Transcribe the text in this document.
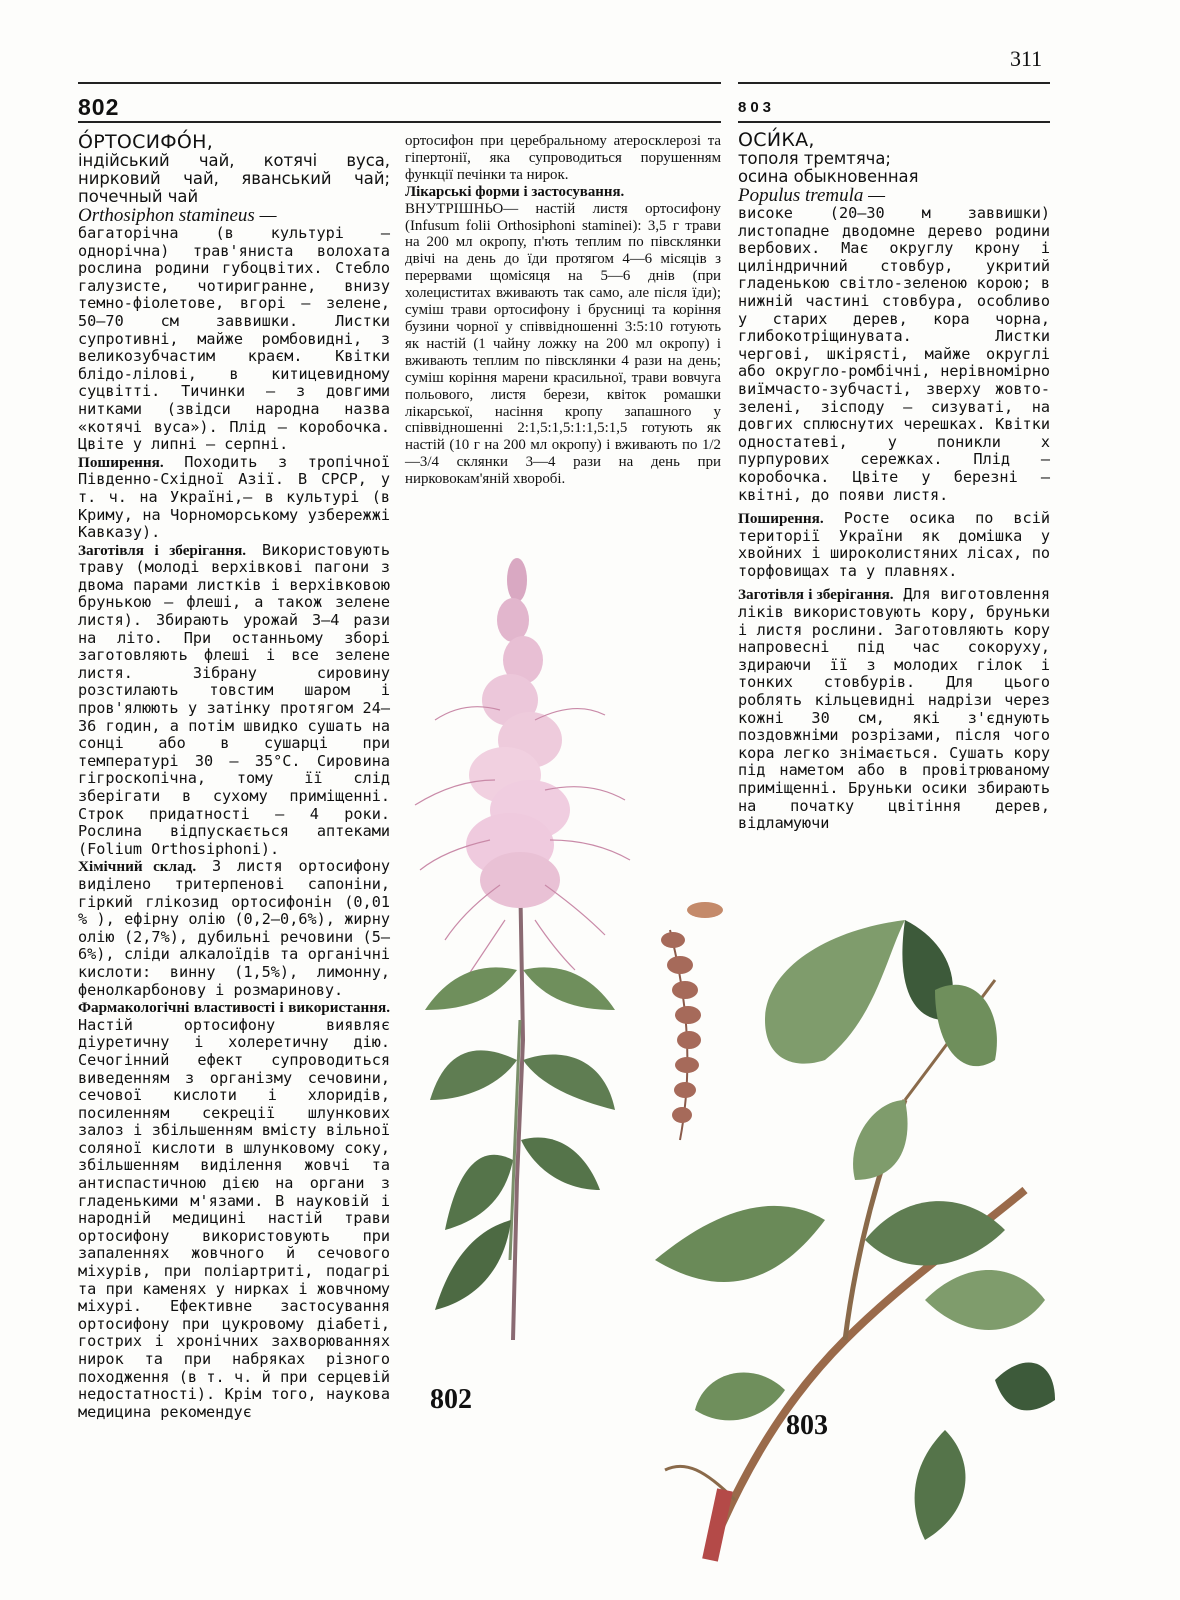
311
802	803
О́РТОСИФО́Н,
індійський чай, котячі вуса, нирковий чай, яванський чай; почечный чай
Orthosiphon stamineus —

багаторічна (в культурі — однорічна) трав'яниста волохата рослина родини губоцвітих. Стебло галузисте, чотиригранне, внизу темно-фіолетове, вгорі — зелене, 50—70 см заввишки. Листки супротивні, майже ромбовидні, з великозубчастим краєм. Квітки блідо-лілові, в китицевидному суцвітті. Тичинки — з довгими нитками (звідси народна назва «котячі вуса»). Плід — коробочка. Цвіте у липні — серпні.

Поширення. Походить з тропічної Південно-Східної Азії. В СРСР, у т. ч. на Україні,— в культурі (в Криму, на Чорноморському узбережжі Кавказу).

Заготівля і зберігання. Використовують траву (молоді верхівкові пагони з двома парами листків і верхівковою брунькою — флеші, а також зелене листя). Збирають урожай 3—4 рази на літо. При останньому зборі заготовляють флеші і все зелене листя. Зібрану сировину розстилають товстим шаром і пров'ялюють у затінку протягом 24—36 годин, а потім швидко сушать на сонці або в сушарці при температурі 30 — 35°С. Сировина гігроскопічна, тому її слід зберігати в сухому приміщенні. Строк придатності — 4 роки. Рослина відпускається аптеками (Folium Orthosiphoni).

Хімічний склад. З листя ортосифону виділено тритерпенові сапоніни, гіркий глікозид ортосифонін (0,01 % ), ефірну олію (0,2—0,6%), жирну олію (2,7%), дубильні речовини (5—6%), сліди алкалоїдів та органічні кислоти: винну (1,5%), лимонну, фенолкарбонову і розмаринову.

Фармакологічні властивості і використання. Настій ортосифону виявляє діуретичну і холеретичну дію. Сечогінний ефект супроводиться виведенням з організму сечовини, сечової кислоти і хлоридів, посиленням секреції шлункових залоз і збільшенням вмісту вільної соляної кислоти в шлунковому соку, збільшенням виділення жовчі та антиспастичною дією на органи з гладенькими м'язами. В науковій і народній медицині настій трави ортосифону використовують при запаленнях жовчного й сечового міхурів, при поліартриті, подагрі та при каменях у нирках і жовчному міхурі. Ефективне застосування ортосифону при цукровому діабеті, гострих і хронічних захворюваннях нирок та при набряках різного походження (в т. ч. й при серцевій недостатності). Крім того, наукова медицина рекомендує

ортосифон при церебральному атеросклерозі та гіпертонії, яка супроводиться порушенням функції печінки та нирок.

Лікарські форми і застосування.

ВНУТРІШНЬО— настій листя ортосифону (Infusum folii Orthosiphoni staminei): 3,5 г трави на 200 мл окропу, п'ють теплим по півсклянки двічі на день до їди протягом 4—6 місяців з перервами щомісяця на 5—6 днів (при холециститах вживають так само, але після їди); суміш трави ортосифону і брусниці та коріння бузини чорної у співвідношенні 3:5:10 готують як настій (1 чайну ложку на 200 мл окропу) і вживають теплим по півсклянки 4 рази на день; суміш коріння марени красильної, трави вовчуга польового, листя берези, квіток ромашки лікарської, насіння кропу запашного у співвідношенні 2:1,5:1,5:1:1,5:1,5 готують як настій (10 г на 200 мл окропу) і вживають по 1/2—3/4 склянки 3—4 рази на день при нирковокам'яній хворобі.

ОСИ́КА,
тополя тремтяча;
осина обыкновенная
Populus tremula —

високе (20—30 м заввишки) листопадне дводомне дерево родини вербових. Має округлу крону і циліндричний стовбур, укритий гладенькою світло-зеленою корою; в нижній частині стовбура, особливо у старих дерев, кора чорна, глибокотріщинувата. Листки чергові, шкірясті, майже округлі або округло-ромбічні, нерівномірно виїмчасто-зубчасті, зверху жовто-зелені, зісподу — сизуваті, на довгих сплюснутих черешках. Квітки одностатеві, у поникли х пурпурових сережках. Плід — коробочка. Цвіте у березні — квітні, до появи листя.

Поширення. Росте осика по всій території України як домішка у хвойних і широколистяних лісах, по торфовищах та у плавнях.

Заготівля і зберігання. Для виготовлення ліків використовують кору, бруньки і листя рослини. Заготовляють кору напровесні під час сокоруху, здираючи її з молодих гілок і тонких стовбурів. Для цього роблять кільцевидні надрізи через кожні 30 см, які з'єднують поздовжніми розрізами, після чого кора легко знімається. Сушать кору під наметом або в провітрюваному приміщенні. Бруньки осики збирають на початку цвітіння дерев, відламуючи

802
803
